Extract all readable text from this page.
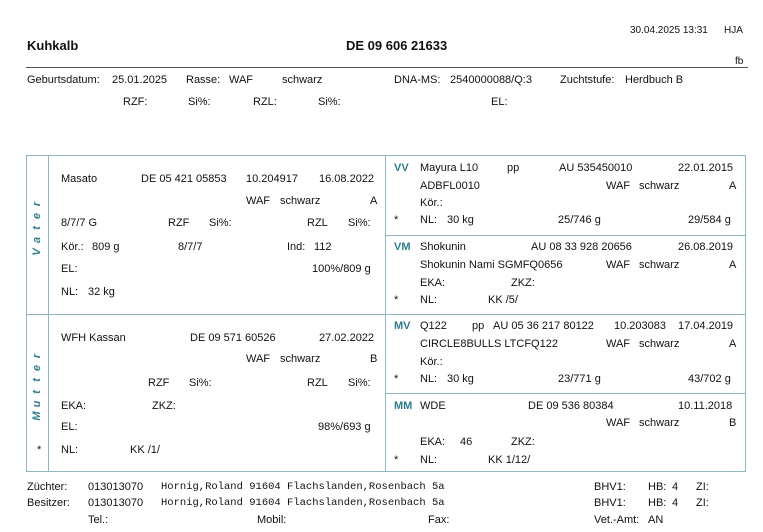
30.04.2025 13:31 HJA
Kuhkalb	DE 09 606 21633
fb
Geburtsdatum: 25.01.2025 Rasse: WAF	schwarz	DNA-MS: 2540000088/Q:3	Zuchtstufe: Herdbuch B
RZF:	Si%:	RZL:	Si%:	EL:
r
e
t
a
V
r
e
t
t
u
M
Masato	DE 05 421 05853 10.204917 16.08.2022
WAF schwarz	A
8/7/7 G	RZF Si%:	RZL Si%:
Kör.: 809 g	8/7/7	Ind: 112
EL:	100%/809 g
NL: 32 kg
WFH Kassan	DE 09 571 60526	27.02.2022
WAF schwarz	B
RZF Si%:	RZL Si%:
EKA:	ZKZ:
EL:	98%/693 g
* NL:	KK /1/
VV Mayura L10	pp	AU 535450010	22.01.2015
ADBFL0010	WAF schwarz	A
Kör.:
* NL: 30 kg	25/746 g	29/584 g
VM Shokunin	AU 08 33 928 20656	26.08.2019
Shokunin Nami SGMFQ0656	WAF schwarz	A
EKA:	ZKZ:
* NL:	KK /5/
MV Q122 pp AU 05 36 217 80122 10.203083 17.04.2019
CIRCLE8BULLS LTCFQ122	WAF schwarz	A
Kör.:
* NL: 30 kg	23/771 g	43/702 g
MM WDE	DE 09 536 80384	10.11.2018
WAF schwarz	B
EKA: 46	ZKZ:
* NL:	KK 1/12/
Züchter: 013013070 Hornig,Roland 91604 Flachslanden,Rosenbach 5a
Besitzer: 013013070 Hornig,Roland 91604 Flachslanden,Rosenbach 5a
Tel.:	Mobil:	Fax:
BHV1: HB: 4 ZI:
BHV1: HB: 4 ZI:
Vet.-Amt: AN
